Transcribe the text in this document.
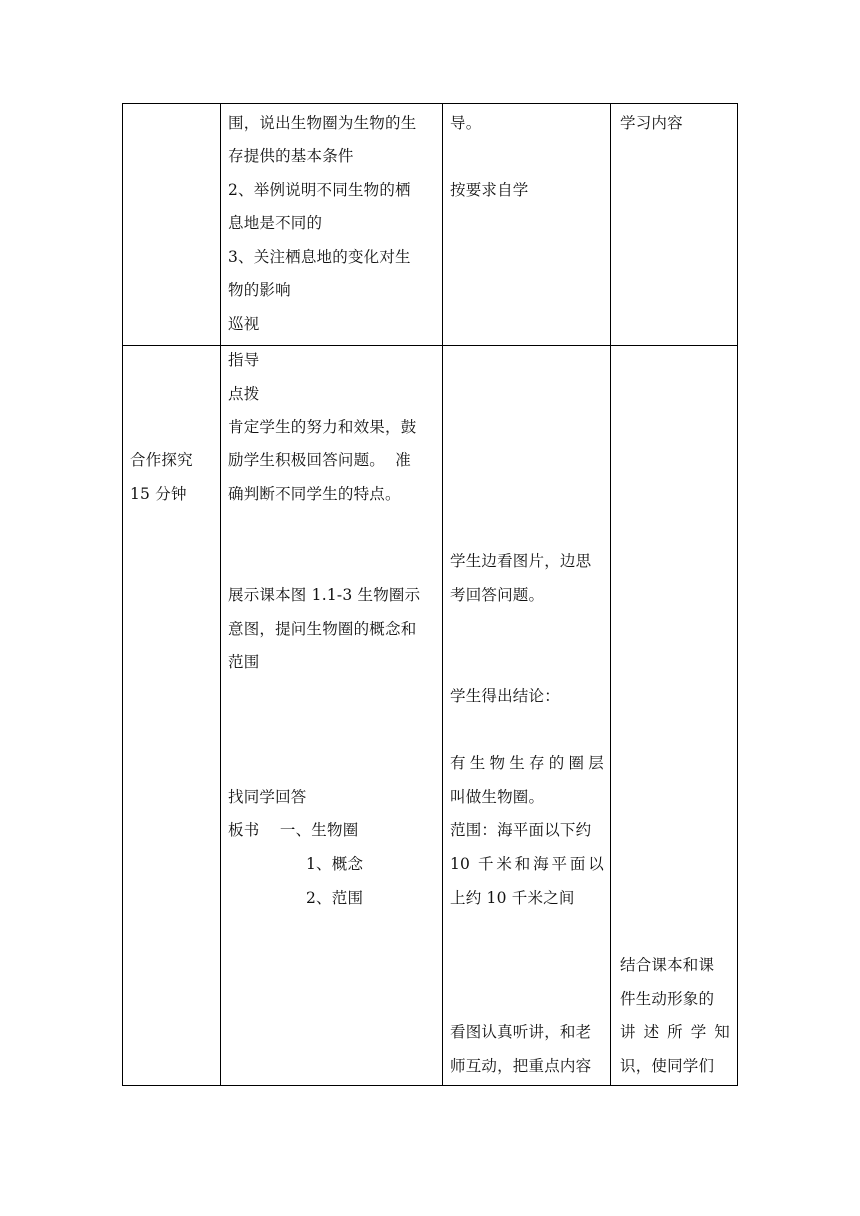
围，说出生物圈为生物的生
存提供的基本条件
2、举例说明不同生物的栖
息地是不同的
3、关注栖息地的变化对生
物的影响
巡视
导。
按要求自学
学习内容
合作探究
15 分钟
指导
点拨
肯定学生的努力和效果，鼓
励学生积极回答问题。  准
确判断不同学生的特点。
展示课本图 1.1-3 生物圈示
意图，提问生物圈的概念和
范围
找同学回答
板书    一、生物圈
1、概念
2、范围
学生边看图片，边思
考回答问题。
学生得出结论：
有生物生存的圈层
叫做生物圈。
范围：海平面以下约
10 千米和海平面以
上约 10 千米之间
看图认真听讲，和老
师互动，把重点内容
结合课本和课
件生动形象的
讲 述 所 学 知
识，使同学们
